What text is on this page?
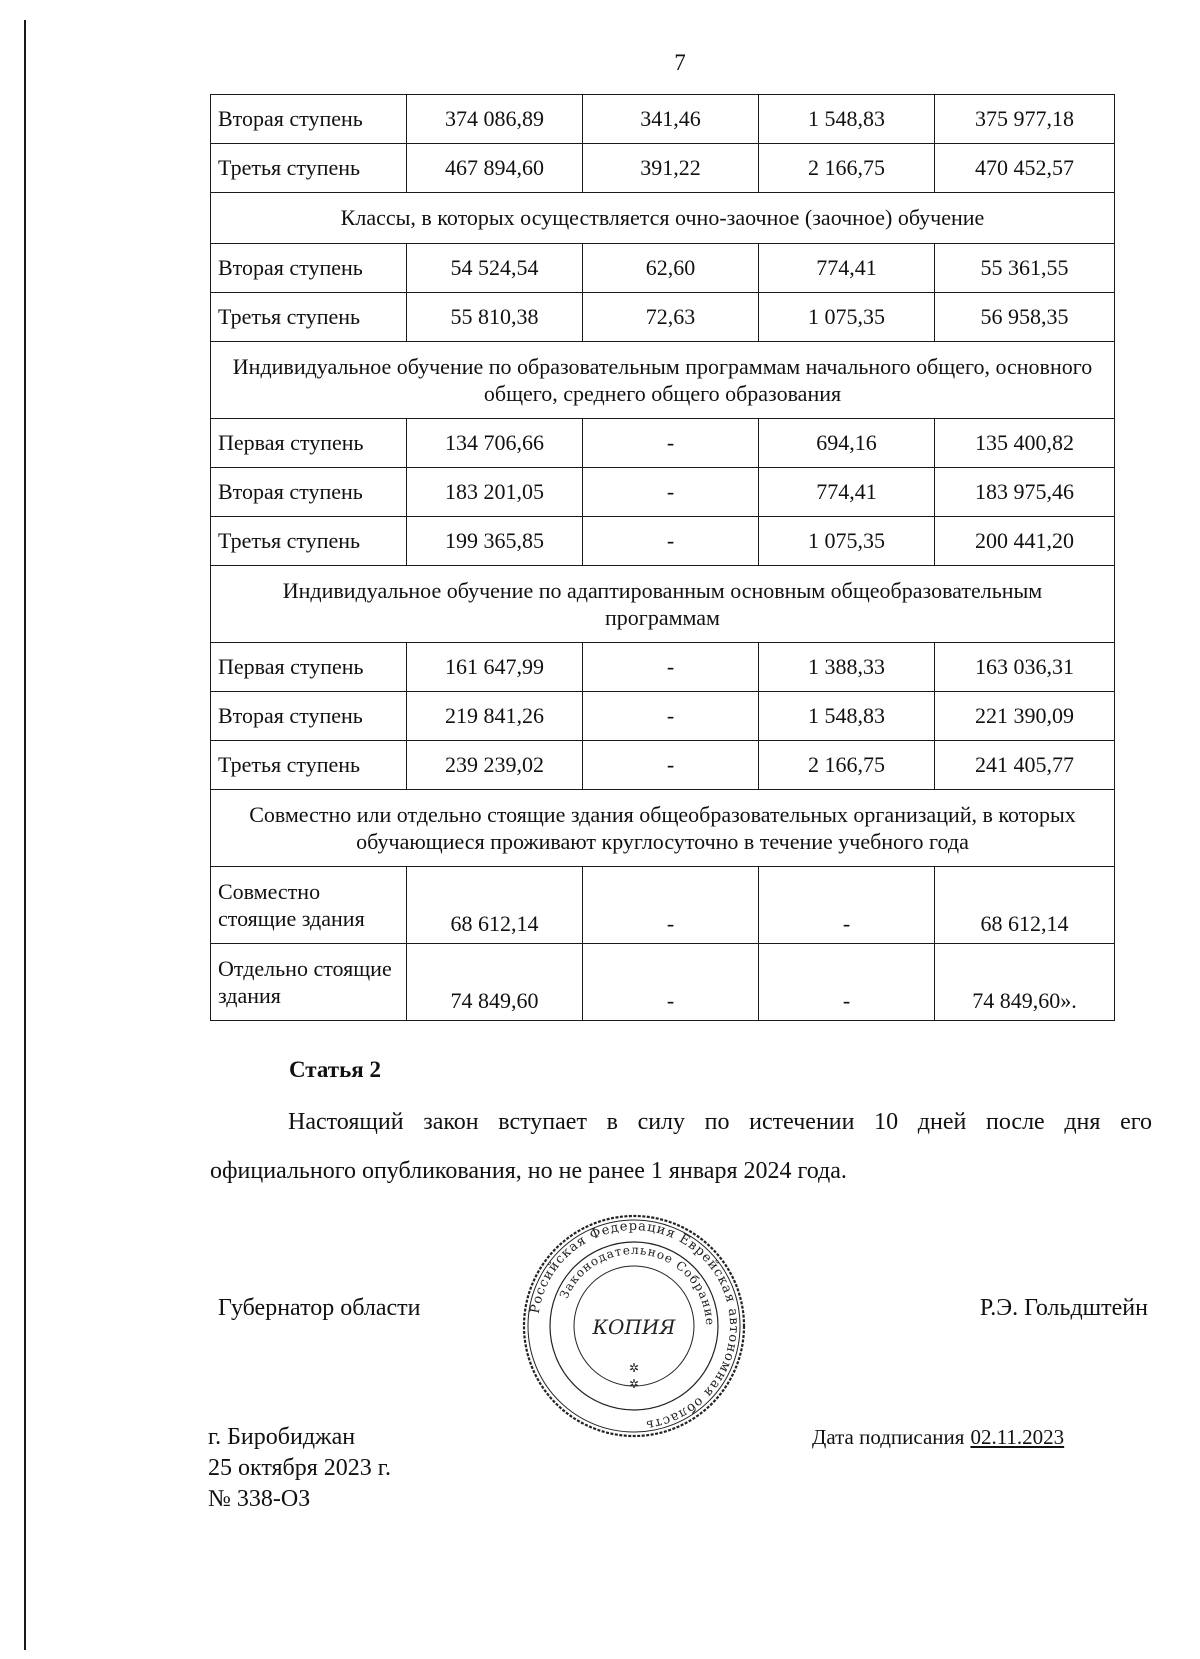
7
Вторая ступень	374 086,89	341,46	1 548,83	375 977,18
Третья ступень	467 894,60	391,22	2 166,75	470 452,57
Классы, в которых осуществляется очно-заочное (заочное) обучение				
Вторая ступень	54 524,54	62,60	774,41	55 361,55
Третья ступень	55 810,38	72,63	1 075,35	56 958,35
Индивидуальное обучение по образовательным программам начального общего, основного общего, среднего общего образования				
Первая ступень	134 706,66	-	694,16	135 400,82
Вторая ступень	183 201,05	-	774,41	183 975,46
Третья ступень	199 365,85	-	1 075,35	200 441,20
Индивидуальное обучение по адаптированным основным общеобразовательным программам				
Первая ступень	161 647,99	-	1 388,33	163 036,31
Вторая ступень	219 841,26	-	1 548,83	221 390,09
Третья ступень	239 239,02	-	2 166,75	241 405,77
Совместно или отдельно стоящие здания общеобразовательных организаций, в которых обучающиеся проживают круглосуточно в течение учебного года				
Совместно стоящие здания	68 612,14	-	-	68 612,14
Отдельно стоящие здания	74 849,60	-	-	74 849,60».
Статья 2
Настоящий закон вступает в силу по истечении 10 дней после дня его официального опубликования, но не ранее 1 января 2024 года.
Губернатор области	Российская Федерация Еврейская автономная область
Законодательное Собрание
КОПИЯ
✲
✲
Р.Э. Гольдштейн
г. Биробиджан
25 октября 2023 г.
№ 338-ОЗ
Дата подписания 02.11.2023
